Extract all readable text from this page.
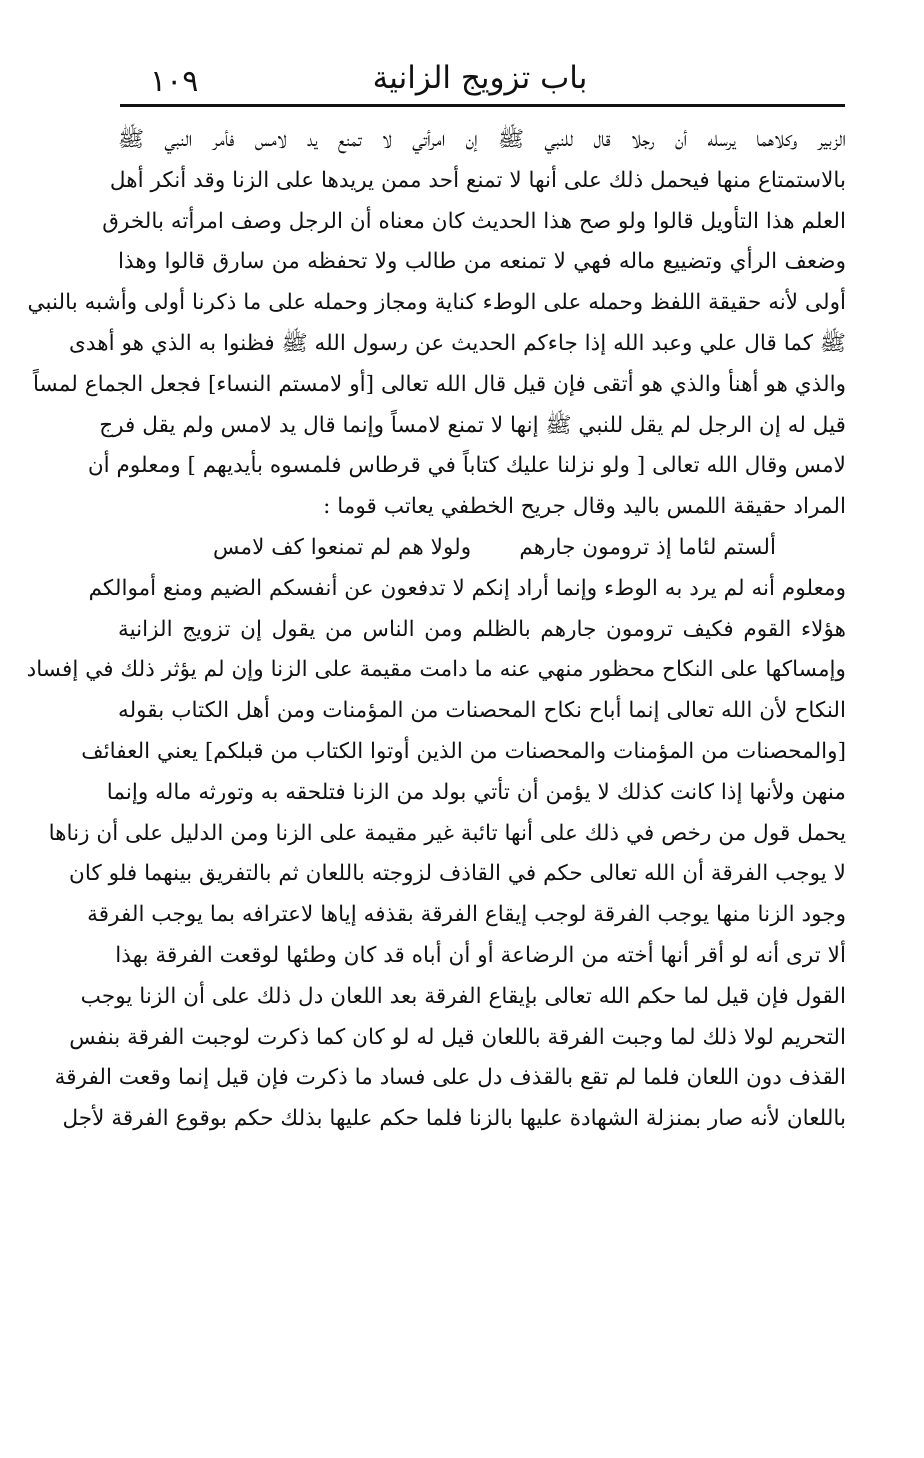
باب تزويج الزانية
١٠٩
الزبير وكلاهما يرسله أن رجلا قال للنبي ﷺ إن امرأتي لا تمنع يد لامس فأمر النبي ﷺ
بالاستمتاع منها فيحمل ذلك على أنها لا تمنع أحد ممن يريدها على الزنا وقد أنكر أهل
العلم هذا التأويل قالوا ولو صح هذا الحديث كان معناه أن الرجل وصف امرأته بالخرق
وضعف الرأي وتضييع ماله فهي لا تمنعه من طالب ولا تحفظه من سارق قالوا وهذا
أولى لأنه حقيقة اللفظ وحمله على الوطء كناية ومجاز وحمله على ما ذكرنا أولى وأشبه بالنبي
ﷺ كما قال علي وعبد الله إذا جاءكم الحديث عن رسول الله ﷺ فظنوا به الذي هو أهدى
والذي هو أهنأ والذي هو أتقى فإن قيل قال الله تعالى [أو لامستم النساء] فجعل الجماع لمساً
قيل له إن الرجل لم يقل للنبي ﷺ إنها لا تمنع لامساً وإنما قال يد لامس ولم يقل فرج
لامس وقال الله تعالى [ ولو نزلنا عليك كتاباً في قرطاس فلمسوه بأيديهم ] ومعلوم أن
المراد حقيقة اللمس باليد وقال جريح الخطفي يعاتب قوما :
ألستم لئاما إذ ترومون جارهم
ولولا هم لم تمنعوا كف لامس
ومعلوم أنه لم يرد به الوطء وإنما أراد إنكم لا تدفعون عن أنفسكم الضيم ومنع أموالكم
هؤلاء القوم فكيف ترومون جارهم بالظلم ومن الناس من يقول إن تزويج الزانية
وإمساكها على النكاح محظور منهي عنه ما دامت مقيمة على الزنا وإن لم يؤثر ذلك في إفساد
النكاح لأن الله تعالى إنما أباح نكاح المحصنات من المؤمنات ومن أهل الكتاب بقوله
[والمحصنات من المؤمنات والمحصنات من الذين أوتوا الكتاب من قبلكم] يعني العفائف
منهن ولأنها إذا كانت كذلك لا يؤمن أن تأتي بولد من الزنا فتلحقه به وتورثه ماله وإنما
يحمل قول من رخص في ذلك على أنها تائبة غير مقيمة على الزنا ومن الدليل على أن زناها
لا يوجب الفرقة أن الله تعالى حكم في القاذف لزوجته باللعان ثم بالتفريق بينهما فلو كان
وجود الزنا منها يوجب الفرقة لوجب إيقاع الفرقة بقذفه إياها لاعترافه بما يوجب الفرقة
ألا ترى أنه لو أقر أنها أخته من الرضاعة أو أن أباه قد كان وطئها لوقعت الفرقة بهذا
القول فإن قيل لما حكم الله تعالى بإيقاع الفرقة بعد اللعان دل ذلك على أن الزنا يوجب
التحريم لولا ذلك لما وجبت الفرقة باللعان قيل له لو كان كما ذكرت لوجبت الفرقة بنفس
القذف دون اللعان فلما لم تقع بالقذف دل على فساد ما ذكرت فإن قيل إنما وقعت الفرقة
باللعان لأنه صار بمنزلة الشهادة عليها بالزنا فلما حكم عليها بذلك حكم بوقوع الفرقة لأجل
